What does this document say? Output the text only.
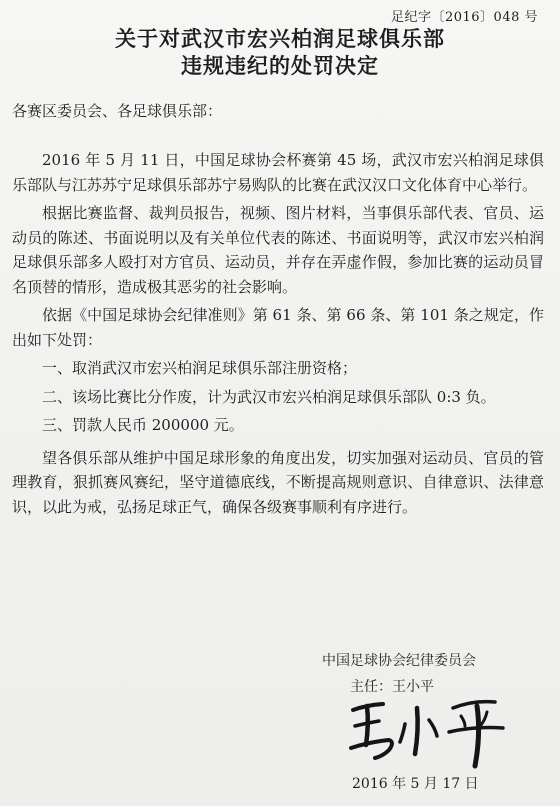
足纪字〔2016〕048 号
关于对武汉市宏兴柏润足球俱乐部
违规违纪的处罚决定
各赛区委员会、各足球俱乐部：

2016 年 5 月 11 日，中国足球协会杯赛第 45 场，武汉市宏兴柏润足球俱乐部队与江苏苏宁足球俱乐部苏宁易购队的比赛在武汉汉口文化体育中心举行。

根据比赛监督、裁判员报告，视频、图片材料，当事俱乐部代表、官员、运动员的陈述、书面说明以及有关单位代表的陈述、书面说明等，武汉市宏兴柏润足球俱乐部多人殴打对方官员、运动员，并存在弄虚作假，参加比赛的运动员冒名顶替的情形，造成极其恶劣的社会影响。

依据《中国足球协会纪律准则》第 61 条、第 66 条、第 101 条之规定，作出如下处罚：

一、取消武汉市宏兴柏润足球俱乐部注册资格；

二、该场比赛比分作废，计为武汉市宏兴柏润足球俱乐部队 0:3 负。

三、罚款人民币 200000 元。

望各俱乐部从维护中国足球形象的角度出发，切实加强对运动员、官员的管理教育，狠抓赛风赛纪，坚守道德底线，不断提高规则意识、自律意识、法律意识，以此为戒，弘扬足球正气，确保各级赛事顺利有序进行。

中国足球协会纪律委员会
主任：王小平
2016 年 5 月 17 日
